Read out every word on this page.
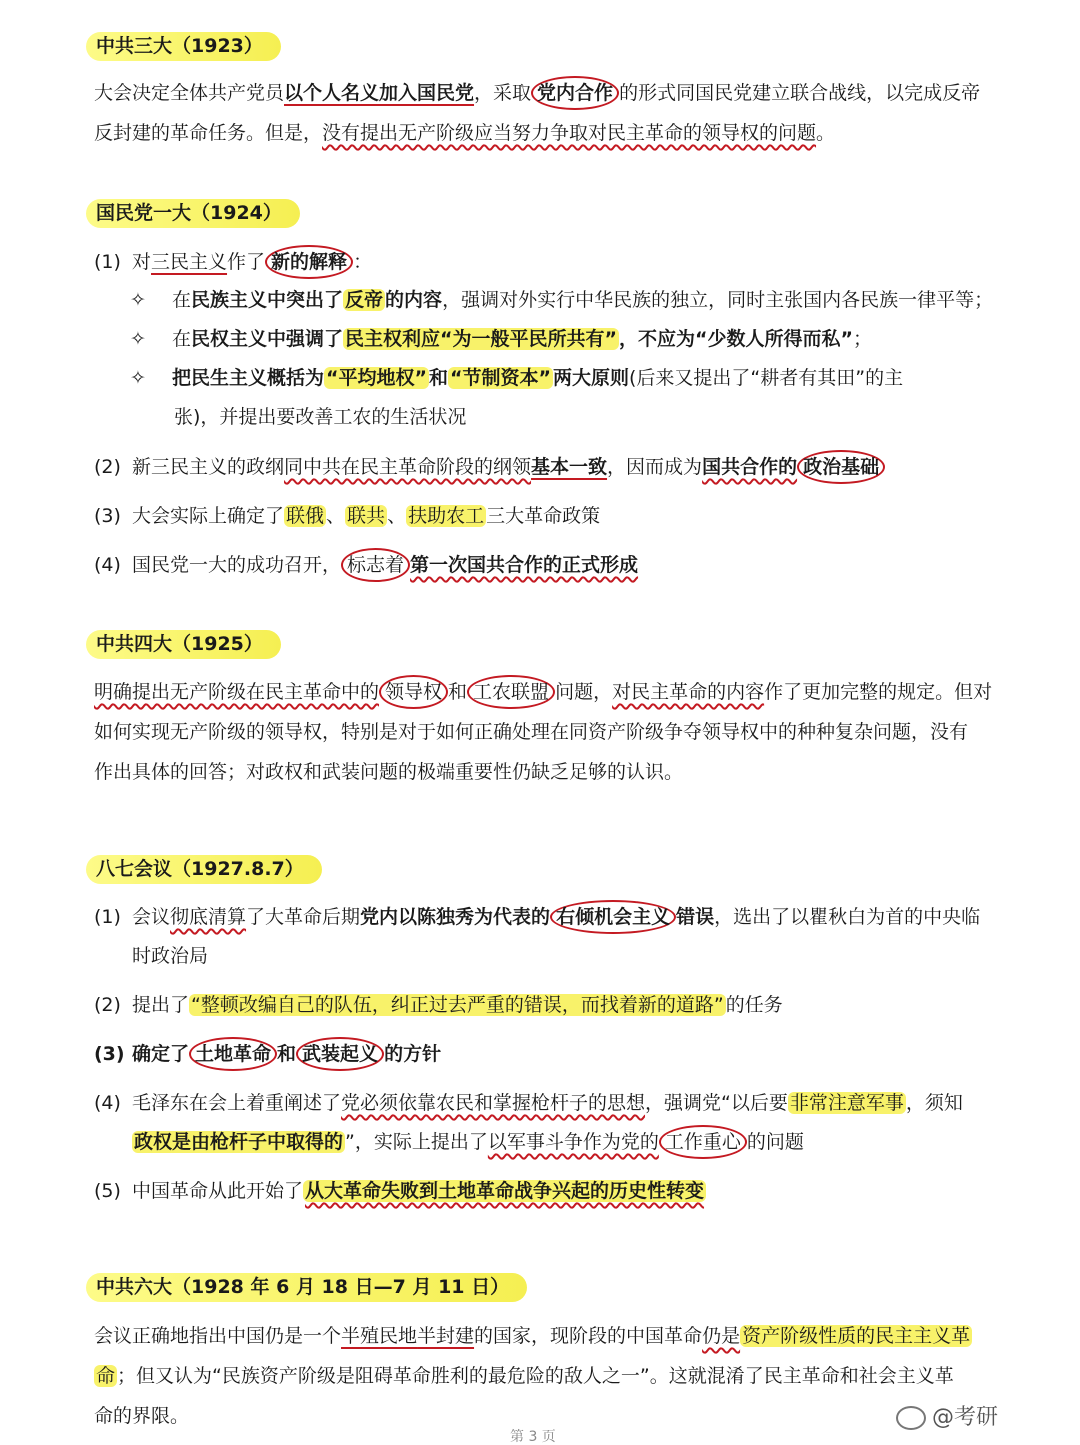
中共三大（1923）
大会决定全体共产党员以个人名义加入国民党，采取 党内合作 的形式同国民党建立联合战线，以完成反帝
反封建的革命任务。但是，没有提出无产阶级应当努力争取对民主革命的领导权的问题。
国民党一大（1924）
(1) 对三民主义作了 新的解释 ：
✧ 在民族主义中突出了 反帝 的内容，强调对外实行中华民族的独立，同时主张国内各民族一律平等；
✧ 在民权主义中强调了 民主权利应“为一般平民所共有” ，不应为“少数人所得而私”；
✧ 把民生主义概括为 “平均地权” 和 “节制资本” 两大原则(后来又提出了“耕者有其田”的主
张)，并提出要改善工农的生活状况
(2) 新三民主义的政纲同中共在民主革命阶段的纲领基本一致，因而成为国共合作的 政治基础
(3) 大会实际上确定了 联俄 、 联共 、 扶助农工 三大革命政策
(4) 国民党一大的成功召开， 标志着 第一次国共合作的正式形成
中共四大（1925）
明确提出无产阶级在民主革命中的 领导权 和 工农联盟 问题，对民主革命的内容作了更加完整的规定。但对
如何实现无产阶级的领导权，特别是对于如何正确处理在同资产阶级争夺领导权中的种种复杂问题，没有
作出具体的回答；对政权和武装问题的极端重要性仍缺乏足够的认识。
八七会议（1927.8.7）
(1) 会议彻底清算了大革命后期党内以陈独秀为代表的 右倾机会主义 错误，选出了以瞿秋白为首的中央临
时政治局
(2) 提出了 “整顿改编自己的队伍，纠正过去严重的错误，而找着新的道路” 的任务
(3) 确定了 土地革命 和 武装起义 的方针
(4) 毛泽东在会上着重阐述了党必须依靠农民和掌握枪杆子的思想，强调党“以后要 非常注意军事 ，须知
政权是由枪杆子中取得的 ”，实际上提出了以军事斗争作为党的 工作重心 的问题
(5) 中国革命从此开始了 从大革命失败到土地革命战争兴起的历史性转变
中共六大（1928 年 6 月 18 日—7 月 11 日）
会议正确地指出中国仍是一个半殖民地半封建的国家，现阶段的中国革命仍是 资产阶级性质的民主主义革
命 ；但又认为“民族资产阶级是阻碍革命胜利的最危险的敌人之一”。这就混淆了民主革命和社会主义革
命的界限。	@考研
第 3 页
